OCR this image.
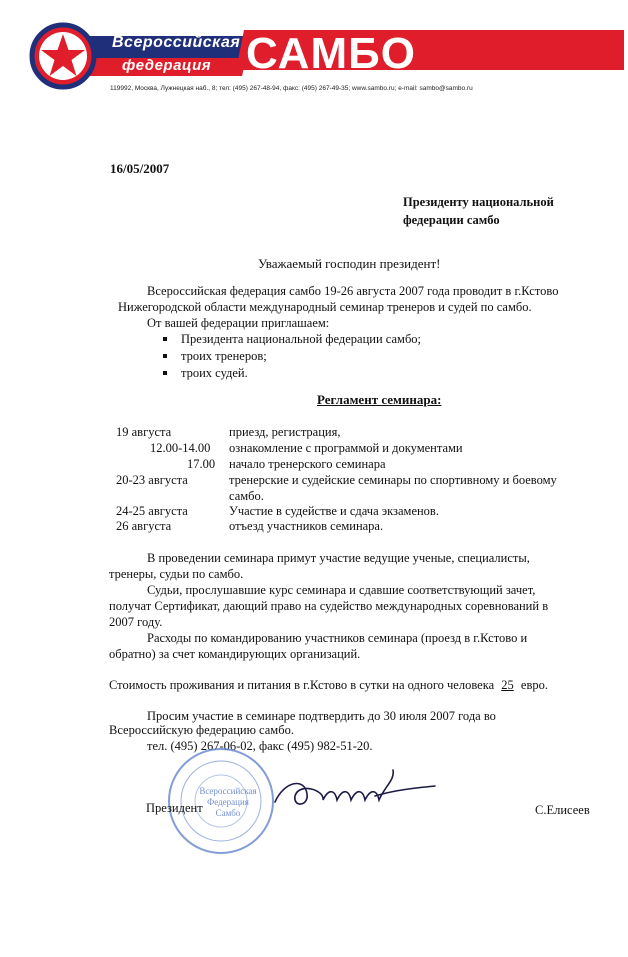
Всероссийская
федерация САМБО
119992, Москва, Лужнецкая наб., 8; тел: (495) 267-48-94, факс: (495) 267-49-35; www.sambo.ru; e-mail: sambo@sambo.ru
16/05/2007
Президенту национальной
федерации самбо
Уважаемый господин президент!
Всероссийская федерация самбо 19-26 августа 2007 года проводит в г.Кстово
Нижегородской области международный семинар тренеров и судей по самбо.
От вашей федерации приглашаем:
Президента национальной федерации самбо;
троих тренеров;
троих судей.
Регламент семинара:
19 августа	приезд, регистрация,
12.00-14.00 ознакомление с программой и документами
17.00 начало тренерского семинара
20-23 августа	тренерские и судейские семинары по спортивному и боевому
самбо.
24-25 августа	Участие в судействе и сдача экзаменов.
26 августа	отъезд участников семинара.
В проведении семинара примут участие ведущие ученые, специалисты,
тренеры, судьи по самбо.
Судьи, прослушавшие курс семинара и сдавшие соответствующий зачет,
получат Сертификат, дающий право на судейство международных соревнований в
2007 году.
Расходы по командированию участников семинара (проезд в г.Кстово и
обратно) за счет командирующих организаций.
Стоимость проживания и питания в г.Кстово в сутки на одного человека 25 евро.
Просим участие в семинаре подтвердить до 30 июля 2007 года во
Всероссийскую федерацию самбо.
тел. (495) 267-06-02, факс (495) 982-51-20.
Всероссийская
Федерация
Самбо
Президент	С.Елисеев
